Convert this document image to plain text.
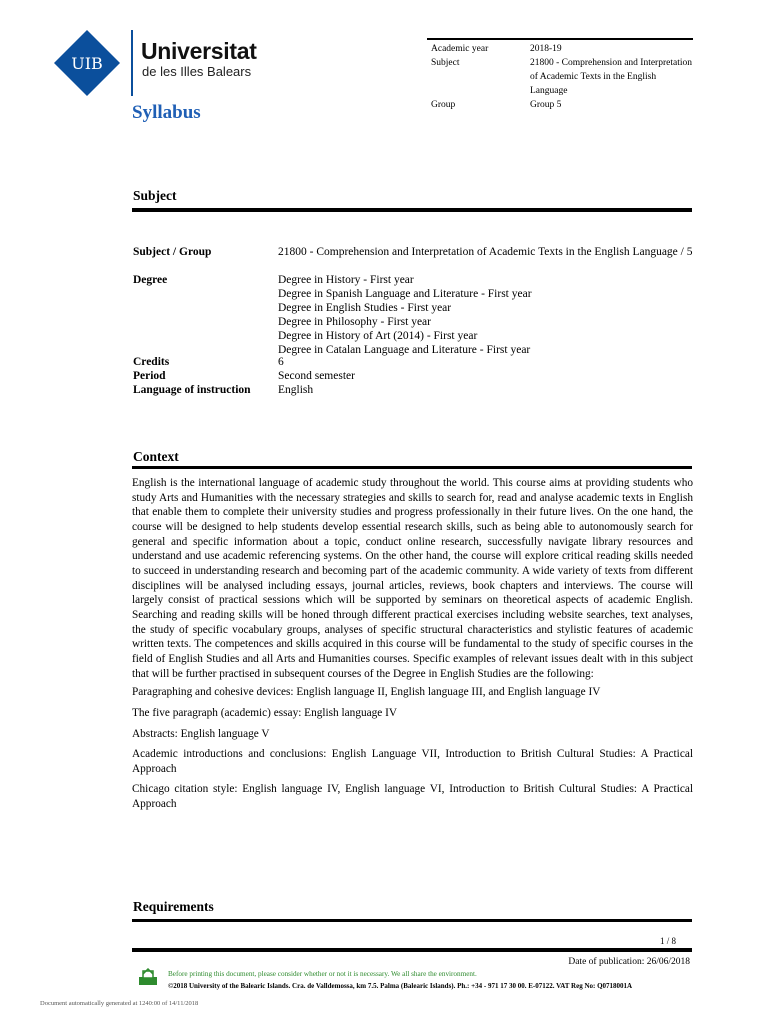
UIB Universitat
de les Illes Balears
Syllabus
Academic year	2018-19
Subject	21800 - Comprehension and Interpretation of Academic Texts in the English Language
Group	Group 5
Subject
Subject / Group	21800 - Comprehension and Interpretation of Academic Texts in the English Language / 5
Degree	Degree in History - First year
Degree in Spanish Language and Literature - First year
Degree in English Studies - First year
Degree in Philosophy - First year
Degree in History of Art (2014) - First year
Degree in Catalan Language and Literature - First year
Credits	6
Period	Second semester
Language of instruction English
Context

English is the international language of academic study throughout the world. This course aims at providing students who study Arts and Humanities with the necessary strategies and skills to search for, read and analyse academic texts in English that enable them to complete their university studies and progress professionally in their future lives. On the one hand, the course will be designed to help students develop essential research skills, such as being able to autonomously search for general and specific information about a topic, conduct online research, successfully navigate library resources and understand and use academic referencing systems. On the other hand, the course will explore critical reading skills needed to succeed in understanding research and becoming part of the academic community. A wide variety of texts from different disciplines will be analysed including essays, journal articles, reviews, book chapters and interviews. The course will largely consist of practical sessions which will be supported by seminars on theoretical aspects of academic English. Searching and reading skills will be honed through different practical exercises including website searches, text analyses, the study of specific vocabulary groups, analyses of specific structural characteristics and stylistic features of academic written texts. The competences and skills acquired in this course will be fundamental to the study of specific courses in the field of English Studies and all Arts and Humanities courses. Specific examples of relevant issues dealt with in this subject that will be further practised in subsequent courses of the Degree in English Studies are the following:

Paragraphing and cohesive devices: English language II, English language III, and English language IV

The five paragraph (academic) essay: English language IV

Abstracts: English language V

Academic introductions and conclusions: English Language VII, Introduction to British Cultural Studies: A Practical Approach

Chicago citation style: English language IV, English language VI, Introduction to British Cultural Studies: A Practical Approach

Requirements
1 / 8
Date of publication: 26/06/2018
Before printing this document, please consider whether or not it is necessary. We all share the environment.
©2018 University of the Balearic Islands. Cra. de Valldemossa, km 7.5. Palma (Balearic Islands). Ph.: +34 - 971 17 30 00. E-07122. VAT Reg No: Q0718001A
Document automatically generated at 1240:00 of 14/11/2018
